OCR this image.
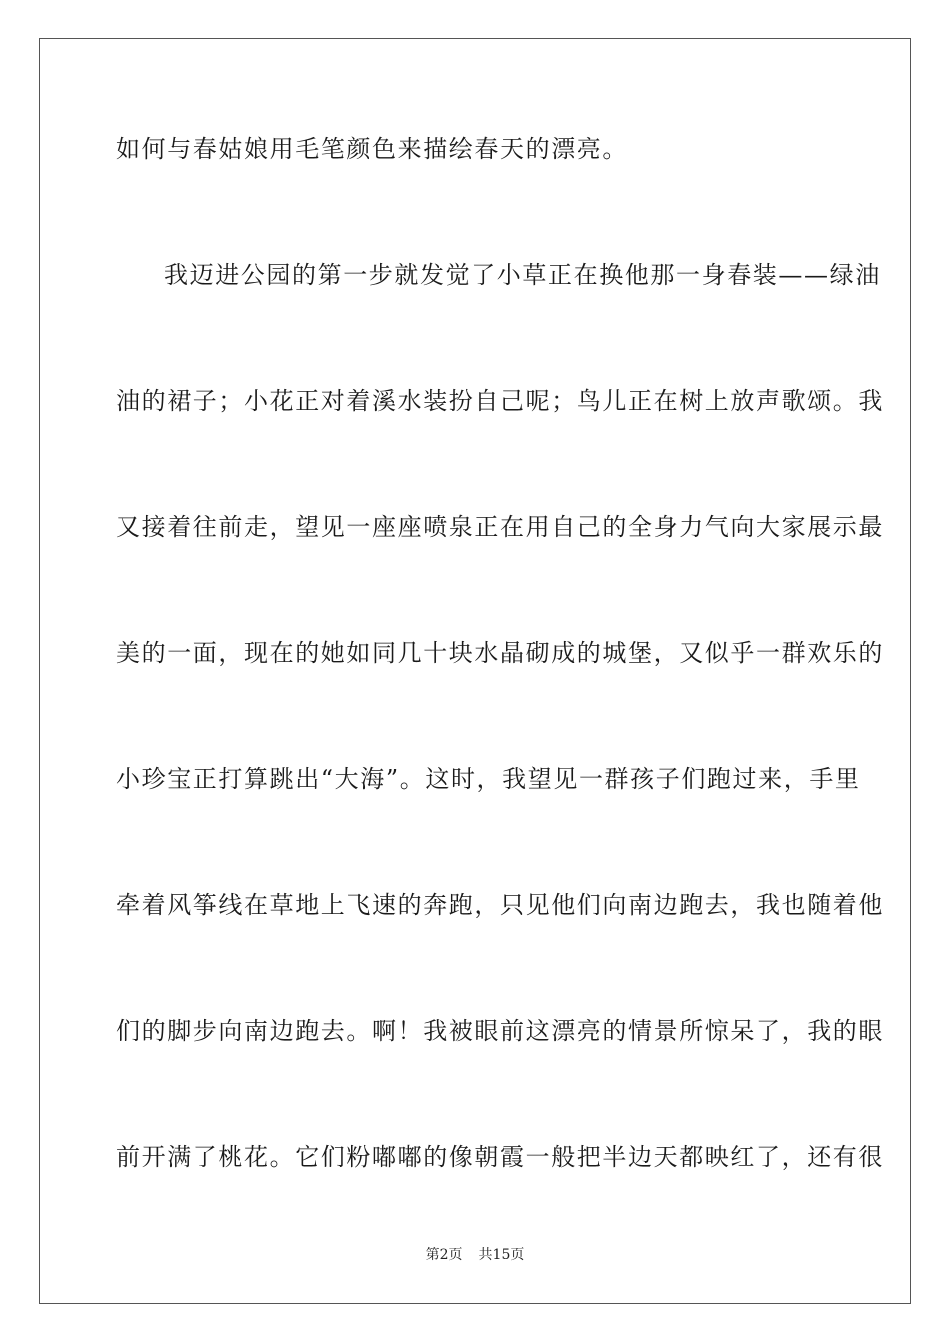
如何与春姑娘用毛笔颜色来描绘春天的漂亮。
我迈进公园的第一步就发觉了小草正在换他那一身春装——绿油
油的裙子；小花正对着溪水装扮自己呢；鸟儿正在树上放声歌颂。我
又接着往前走，望见一座座喷泉正在用自己的全身力气向大家展示最
美的一面，现在的她如同几十块水晶砌成的城堡，又似乎一群欢乐的
小珍宝正打算跳出“大海”。这时，我望见一群孩子们跑过来，手里
牵着风筝线在草地上飞速的奔跑，只见他们向南边跑去，我也随着他
们的脚步向南边跑去。啊！我被眼前这漂亮的情景所惊呆了，我的眼
前开满了桃花。它们粉嘟嘟的像朝霞一般把半边天都映红了，还有很
第2页 共15页
